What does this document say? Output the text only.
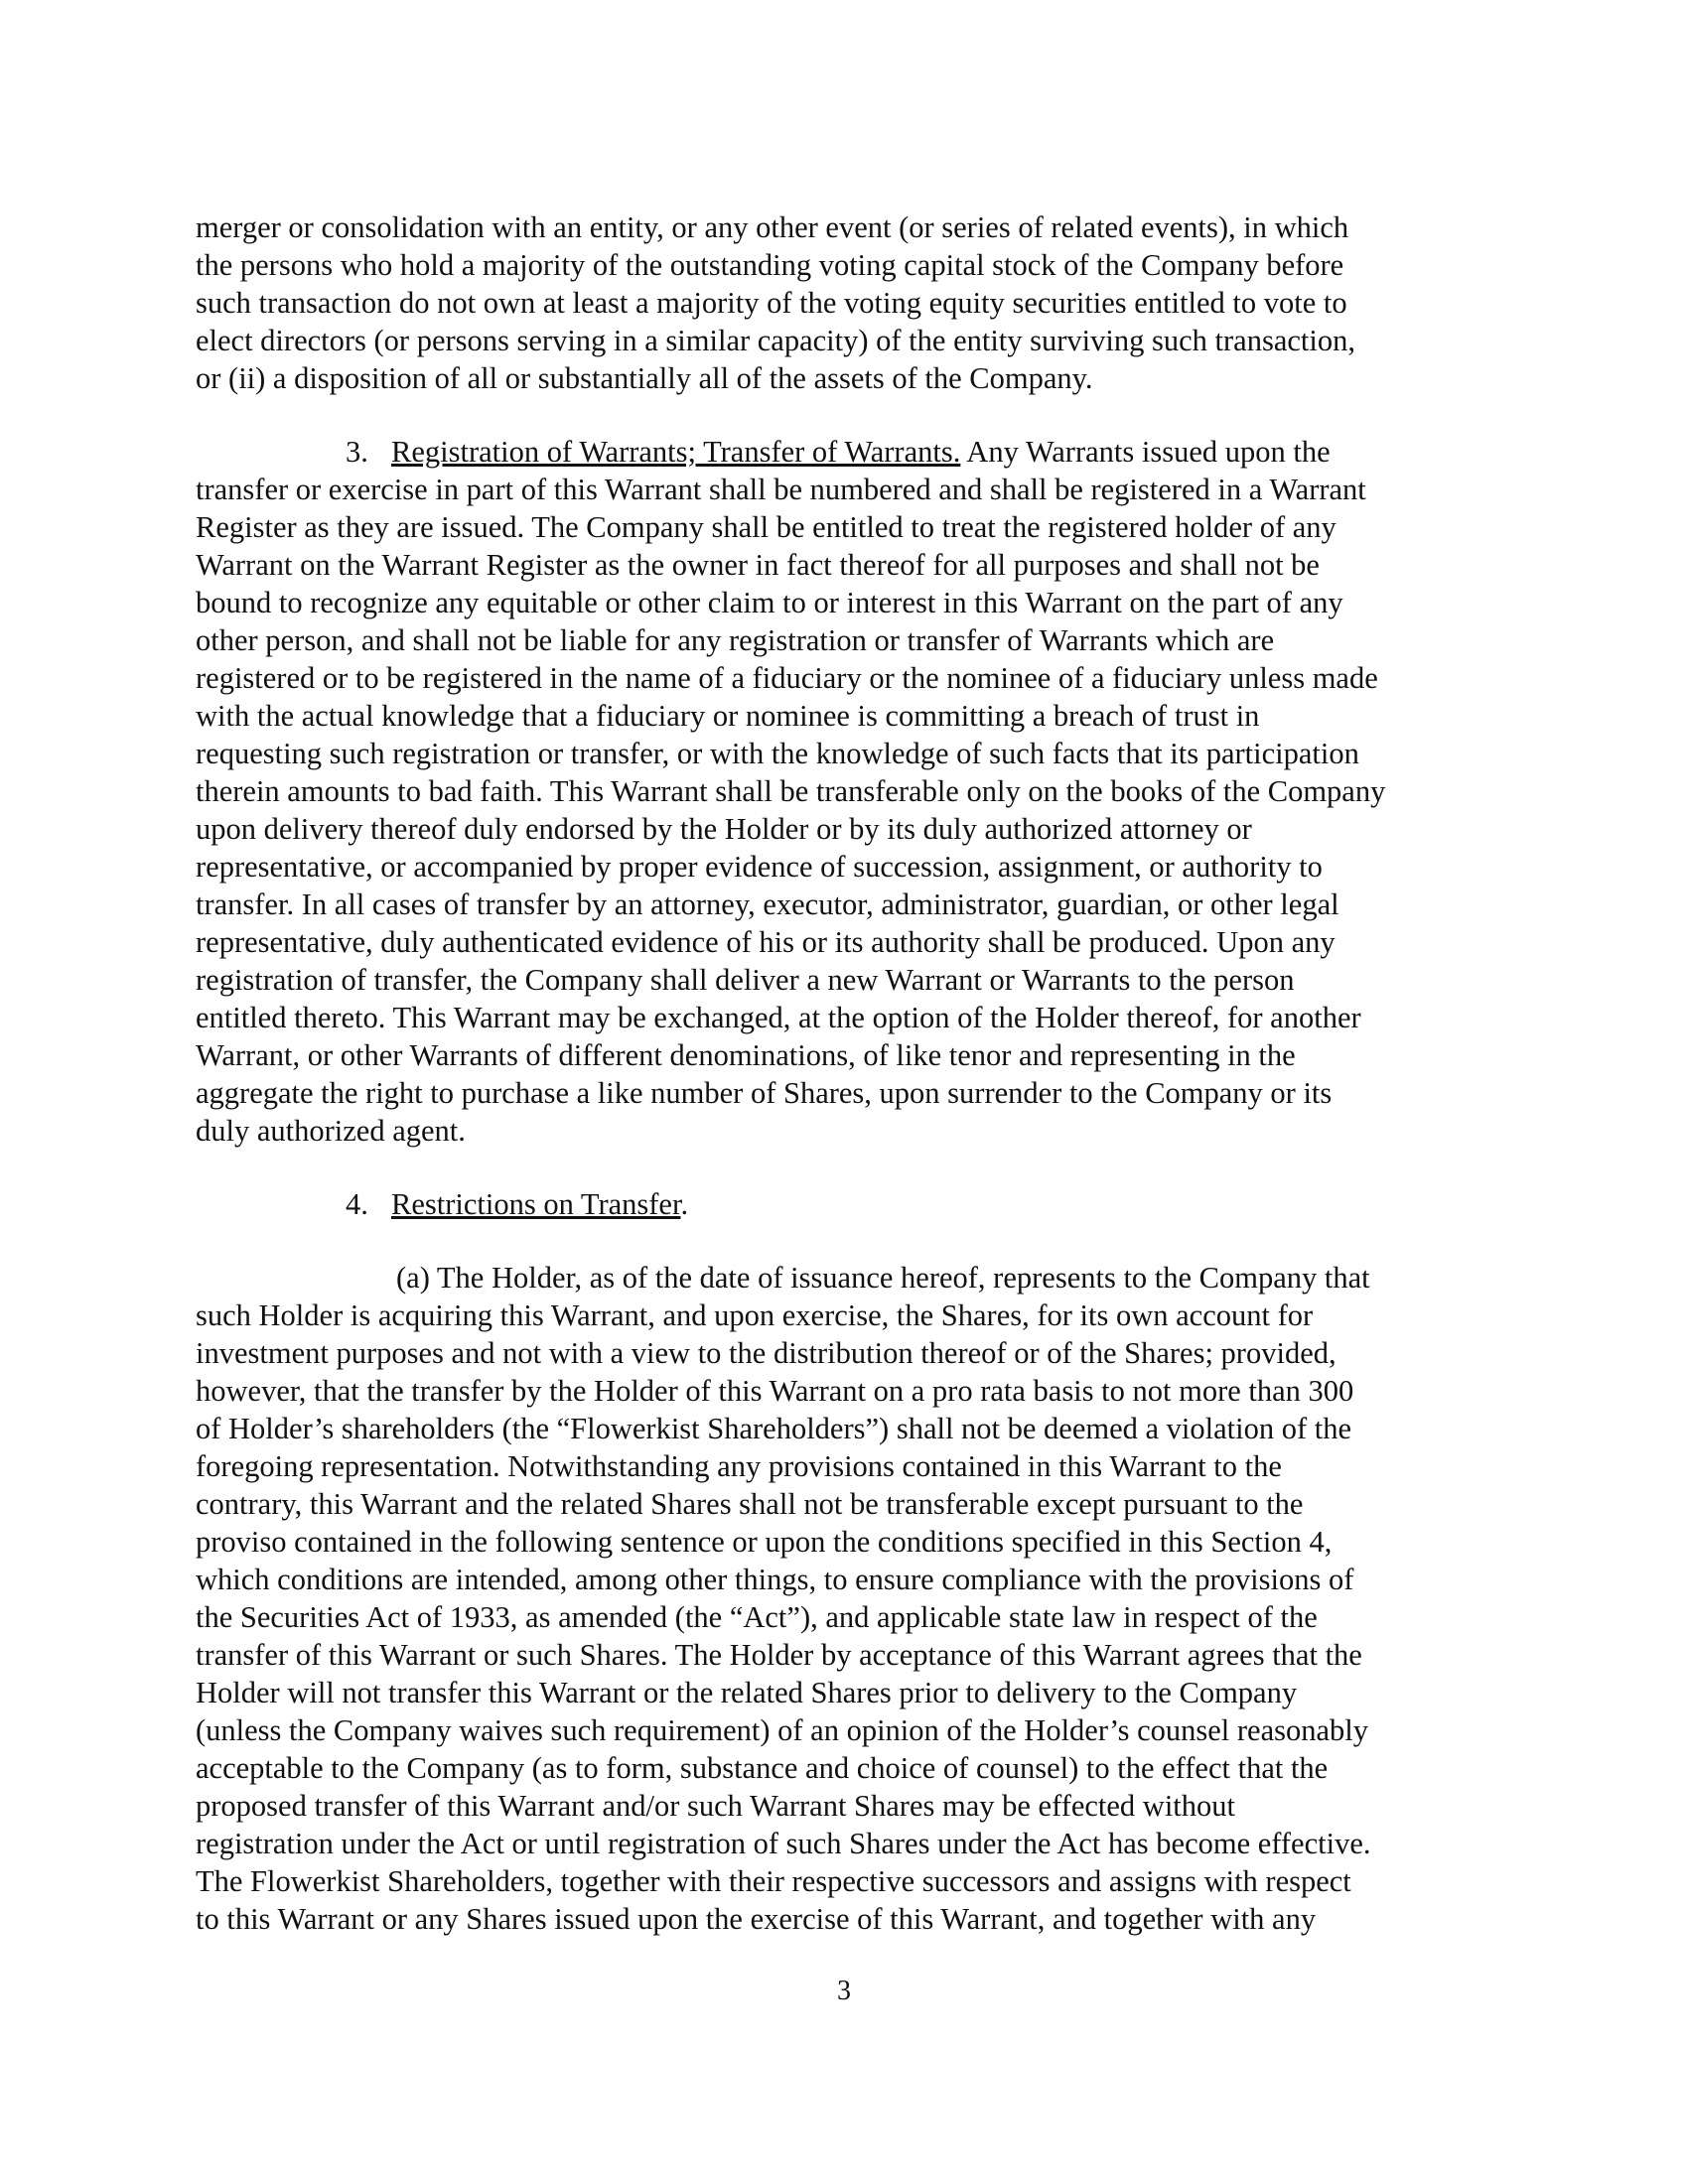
merger or consolidation with an entity, or any other event (or series of related events), in which
the persons who hold a majority of the outstanding voting capital stock of the Company before
such transaction do not own at least a majority of the voting equity securities entitled to vote to
elect directors (or persons serving in a similar capacity) of the entity surviving such transaction,
or (ii) a disposition of all or substantially all of the assets of the Company.
3. Registration of Warrants; Transfer of Warrants. Any Warrants issued upon the
transfer or exercise in part of this Warrant shall be numbered and shall be registered in a Warrant
Register as they are issued. The Company shall be entitled to treat the registered holder of any
Warrant on the Warrant Register as the owner in fact thereof for all purposes and shall not be
bound to recognize any equitable or other claim to or interest in this Warrant on the part of any
other person, and shall not be liable for any registration or transfer of Warrants which are
registered or to be registered in the name of a fiduciary or the nominee of a fiduciary unless made
with the actual knowledge that a fiduciary or nominee is committing a breach of trust in
requesting such registration or transfer, or with the knowledge of such facts that its participation
therein amounts to bad faith. This Warrant shall be transferable only on the books of the Company
upon delivery thereof duly endorsed by the Holder or by its duly authorized attorney or
representative, or accompanied by proper evidence of succession, assignment, or authority to
transfer. In all cases of transfer by an attorney, executor, administrator, guardian, or other legal
representative, duly authenticated evidence of his or its authority shall be produced. Upon any
registration of transfer, the Company shall deliver a new Warrant or Warrants to the person
entitled thereto. This Warrant may be exchanged, at the option of the Holder thereof, for another
Warrant, or other Warrants of different denominations, of like tenor and representing in the
aggregate the right to purchase a like number of Shares, upon surrender to the Company or its
duly authorized agent.
4. Restrictions on Transfer.
(a) The Holder, as of the date of issuance hereof, represents to the Company that
such Holder is acquiring this Warrant, and upon exercise, the Shares, for its own account for
investment purposes and not with a view to the distribution thereof or of the Shares; provided,
however, that the transfer by the Holder of this Warrant on a pro rata basis to not more than 300
of Holder’s shareholders (the “Flowerkist Shareholders”) shall not be deemed a violation of the
foregoing representation. Notwithstanding any provisions contained in this Warrant to the
contrary, this Warrant and the related Shares shall not be transferable except pursuant to the
proviso contained in the following sentence or upon the conditions specified in this Section 4,
which conditions are intended, among other things, to ensure compliance with the provisions of
the Securities Act of 1933, as amended (the “Act”), and applicable state law in respect of the
transfer of this Warrant or such Shares. The Holder by acceptance of this Warrant agrees that the
Holder will not transfer this Warrant or the related Shares prior to delivery to the Company
(unless the Company waives such requirement) of an opinion of the Holder’s counsel reasonably
acceptable to the Company (as to form, substance and choice of counsel) to the effect that the
proposed transfer of this Warrant and/or such Warrant Shares may be effected without
registration under the Act or until registration of such Shares under the Act has become effective.
The Flowerkist Shareholders, together with their respective successors and assigns with respect
to this Warrant or any Shares issued upon the exercise of this Warrant, and together with any
3
